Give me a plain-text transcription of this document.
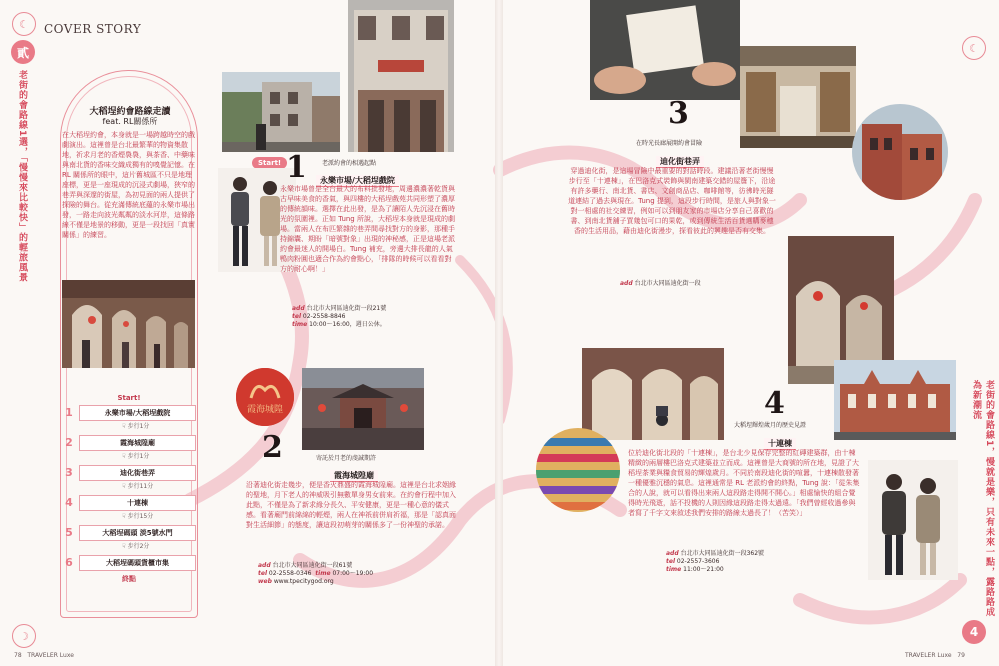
COVER STORY
☾
貳
老街的會路線1選，「慢慢來比較快」的輕旅風景
☽
大稻埕約會路線走讀
feat. RL關係所
在大稻埕約會，本身就是一場跨越時空的戲劇演出。這裡曾是台北最繁華的物資集散地，祈求月老的香煙裊裊，與茶香、中藥味與南北貨的香味交織成獨有的嗅覺記憶。在 RL 關係所的眼中，這片舊城區不只是地理座標，更是一座現成的沉浸式劇場，狹窄的巷弄與深邃的街屋，為初見面的兩人提供了探險的舞台。從充滿傳統底蘊的永樂市場出發，一路走向波光粼粼的淡水河岸，這條路線不僅是地景的移動，更是一段找回「真實關係」的練習。
Start!
1	永樂市場/大稻埕戲院
☟ 步行1分
2	霞海城隍廟
☟ 步行1分
3	迪化街巷弄
☟ 步行11分
4	十連棟
☟ 步行15分
5	大稻埕碼頭 淡5號水門
☟ 步行2分
6	大稻埕碼頭貨櫃市集
終點
Start! 1	老派約會的相遇起點
永樂市場/大稻埕戲院
永樂市場曾是全台最大的布料批發地，周邊濃濃著乾貨與古早味美食的香氣，與四樓的大稻埕戲苑共同形塑了濃厚的傳統韻味。選擇在此出發，是為了讓陌人先沉浸在舊時光的氛圍裡。正如 Tung 所說，大稻埕本身就是現成的劇場。當兩人在布匹繁雜的巷弄間尋找對方的身影，那種手持錦囊、期盼「暗號對象」出現的神秘感，正是這場老派約會最迷人的開場白。Tung 補充，旁邊大排長龍的人氣鴨肉粉圓也適合作為約會點心，「排隊的時候可以看看對方的耐心啊！」
add 台北市大同區迪化街一段21號
tel 02-2558-8846
time 10:00～16:00，週日公休。
霞海城隍
2	寄託於月老的虔誠期許
霞海城隍廟
沿著迪化街走幾步，便是香火鼎盛的霞海城隍廟。這裡是台北求姻緣的聖地，月下老人的神威吸引無數單身男女前來。在約會行程中加入此點，不僅是為了新求緣分長久、平安健康，更是一種心意的儀式感。看著廟門前綿綿的輕煙，兩人在神祇前併肩祈福，那是「認真面對生活細節」的態度，讓這段初萌芽的關係多了一份神聖的承諾。
add 台北市大同區迪化街一段61號
tel 02-2558-0346 time 07:00～19:00
web www.tpecitygod.org
78 TRAVELER Luxe
3
在時光長廊展開約會冒險
迪化街巷弄
穿過迪化街，是這場冒險中最重要的對話時段。建議沿著老街慢慢步行至「十連棟」，在巴洛克式裝飾與閩南建築交錯的屋簷下，沿途有許多藥行、南北貨、書店、文創商品店、咖啡館等，彷彿時光隧道連結了過去與現在。Tung 提到，這段步行時間，是旅人與對象一對一相處的社交練習，例如可以到朋友家的市場店分享自己喜歡的書、到南北貨舖子買幾包可口的果乾，或到傳統生活百貨選購麥穗香的生活用品，藉由迪化街漫步，探看彼此的興趣是否有交集。
add 台北市大同區迪化街一段
4
大稻埕輝煌歲月的歷史見證
十連棟
位於迪化街北段的「十連棟」，是台北少見保存完整的紅磚建築群，由十棟精緻的兩層樓巴洛克式建築並立而成。這裡曾是大商號的所在地，見證了大稻埕茶業與糧食貿易的輝煌歲月。不同於南段迪化街的喧囂，十連棟散發著一種優雅沉穩的氣息。這裡通常是 RL 老派約會的終點，Tung 說：「從朱集合的人說，就可以看得出來兩人這段路走得開不開心。」相處愉快的組合覺得時光飛逝，話不投機的人則因緣這段路走得太過遠。「我們曾經收過參與者寫了千字文來敘述我們安排的路線太過長了！（苦笑）」
add 台北市大同區迪化街一段362號
tel 02-2557-3606
time 11:00～21:00
☾
老街的會路線1，慢就是樂，只有未來一點，露路路成為新潮流
4
TRAVELER Luxe 79
